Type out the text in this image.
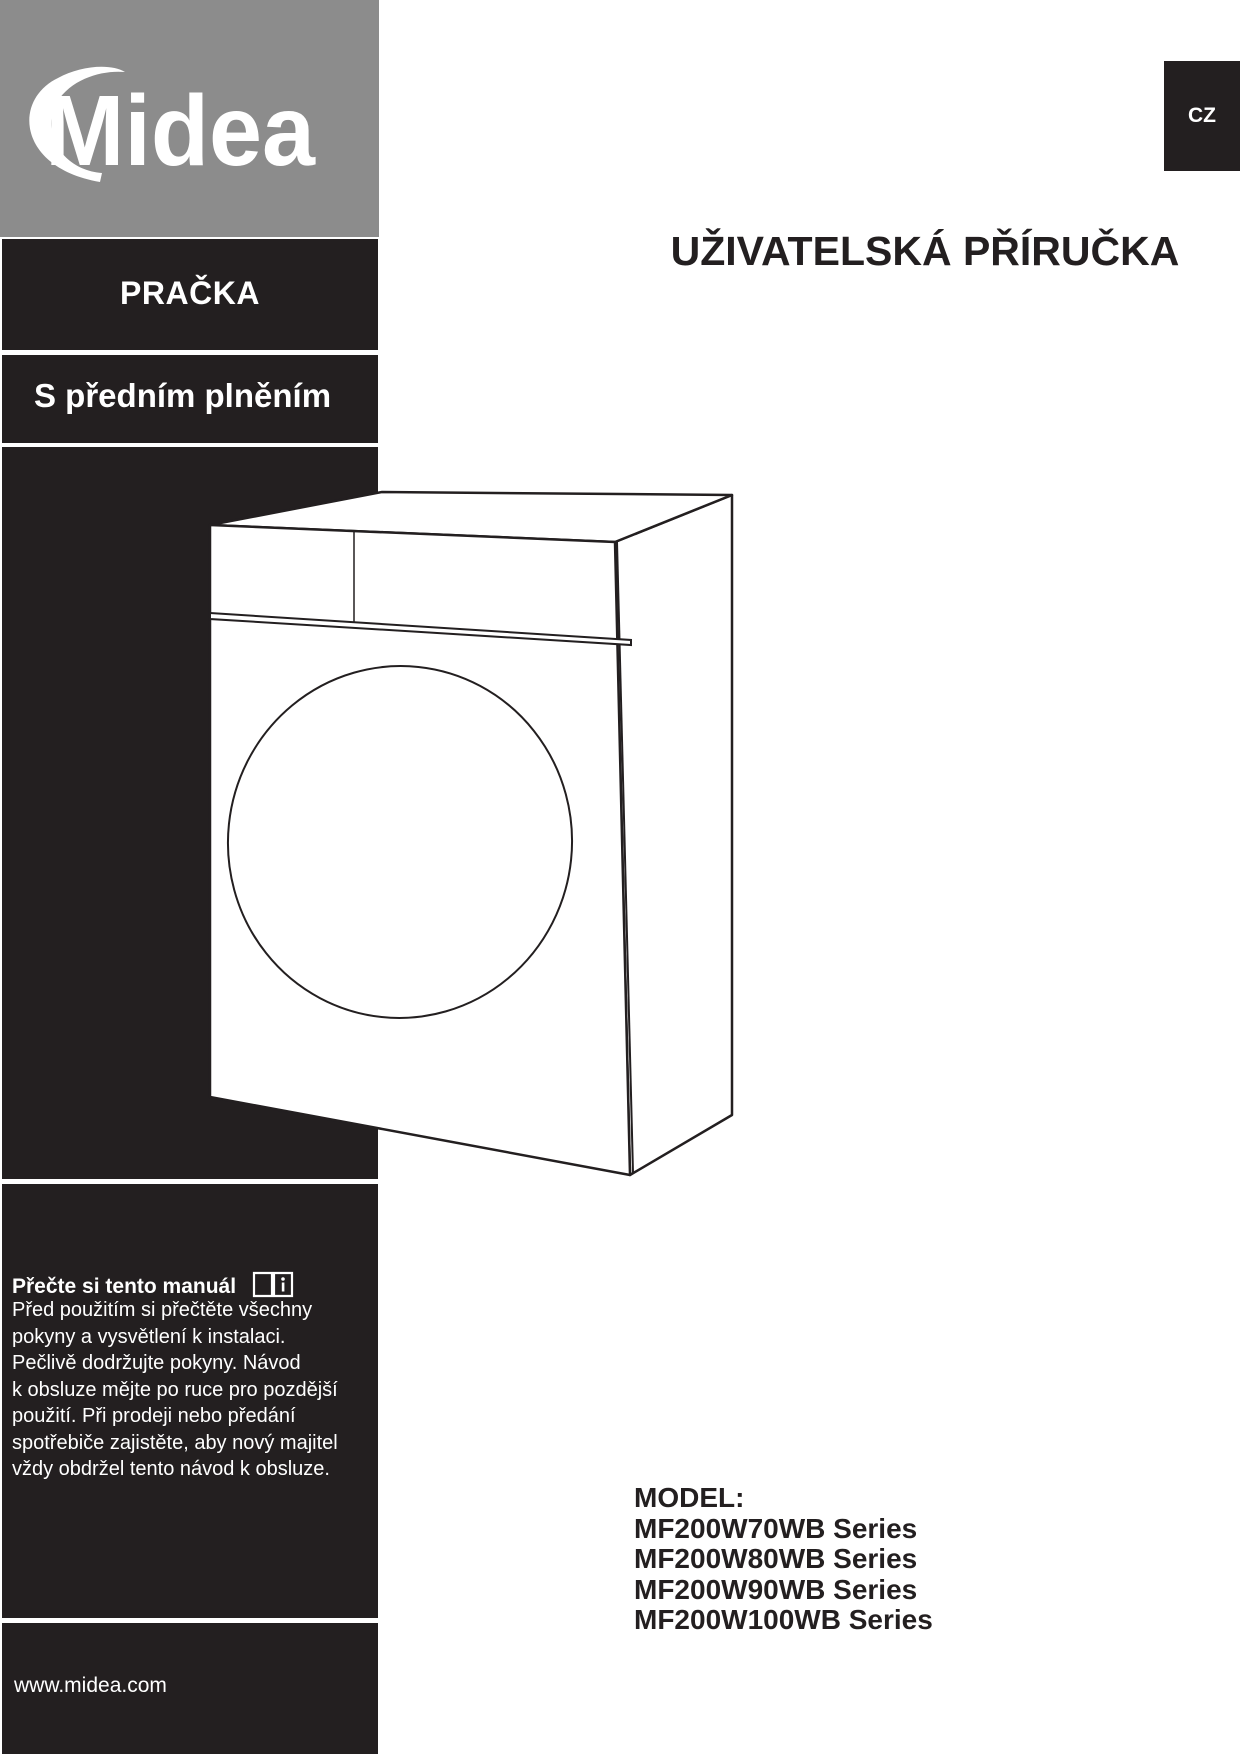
Midea
PRAČKA
S předním plněním
Přečte si tento manuál

Před použitím si přečtěte všechny
pokyny a vysvětlení k instalaci.
Pečlivě dodržujte pokyny. Návod
k obsluze mějte po ruce pro pozdější
použití. Při prodeji nebo předání
spotřebiče zajistěte, aby nový majitel
vždy obdržel tento návod k obsluze.

www.midea.com
CZ
UŽIVATELSKÁ PŘÍRUČKA
MODEL:
MF200W70WB Series
MF200W80WB Series
MF200W90WB Series
MF200W100WB Series
